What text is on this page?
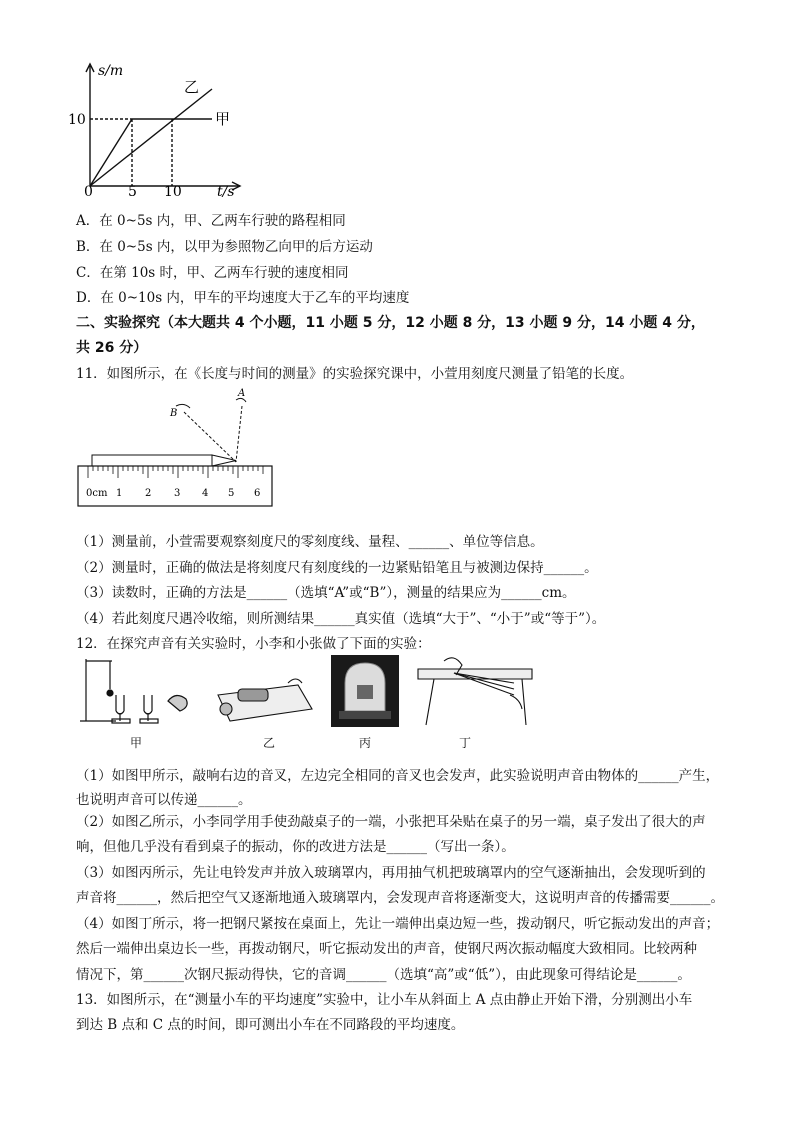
s/m
t/s
0	5 10
10
乙
甲
A．在 0~5s 内，甲、乙两车行驶的路程相同
B．在 0~5s 内，以甲为参照物乙向甲的后方运动
C．在第 10s 时，甲、乙两车行驶的速度相同
D．在 0~10s 内，甲车的平均速度大于乙车的平均速度
二、实验探究（本大题共 4 个小题，11 小题 5 分，12 小题 8 分，13 小题 9 分，14 小题 4 分，
共 26 分）
11．如图所示，在《长度与时间的测量》的实验探究课中，小萱用刻度尺测量了铅笔的长度。
B
A
0cm 1 2 3 4 5 6
（1）测量前，小萱需要观察刻度尺的零刻度线、量程、______、单位等信息。
（2）测量时，正确的做法是将刻度尺有刻度线的一边紧贴铅笔且与被测边保持______。
（3）读数时，正确的方法是______（选填“A”或“B”），测量的结果应为______cm。
（4）若此刻度尺遇冷收缩，则所测结果______真实值（选填“大于”、“小于”或“等于”）。
12．在探究声音有关实验时，小李和小张做了下面的实验：
甲	乙	丙	丁
（1）如图甲所示，敲响右边的音叉，左边完全相同的音叉也会发声，此实验说明声音由物体的______产生，
也说明声音可以传递______。
（2）如图乙所示，小李同学用手使劲敲桌子的一端，小张把耳朵贴在桌子的另一端，桌子发出了很大的声
响，但他几乎没有看到桌子的振动，你的改进方法是______（写出一条）。
（3）如图丙所示，先让电铃发声并放入玻璃罩内，再用抽气机把玻璃罩内的空气逐渐抽出，会发现听到的
声音将______，然后把空气又逐渐地通入玻璃罩内，会发现声音将逐渐变大，这说明声音的传播需要______。
（4）如图丁所示，将一把钢尺紧按在桌面上，先让一端伸出桌边短一些，拨动钢尺，听它振动发出的声音；
然后一端伸出桌边长一些，再拨动钢尺，听它振动发出的声音，使钢尺两次振动幅度大致相同。比较两种
情况下，第______次钢尺振动得快，它的音调______（选填“高”或“低”），由此现象可得结论是______。
13．如图所示，在“测量小车的平均速度”实验中，让小车从斜面上 A 点由静止开始下滑，分别测出小车
到达 B 点和 C 点的时间，即可测出小车在不同路段的平均速度。
